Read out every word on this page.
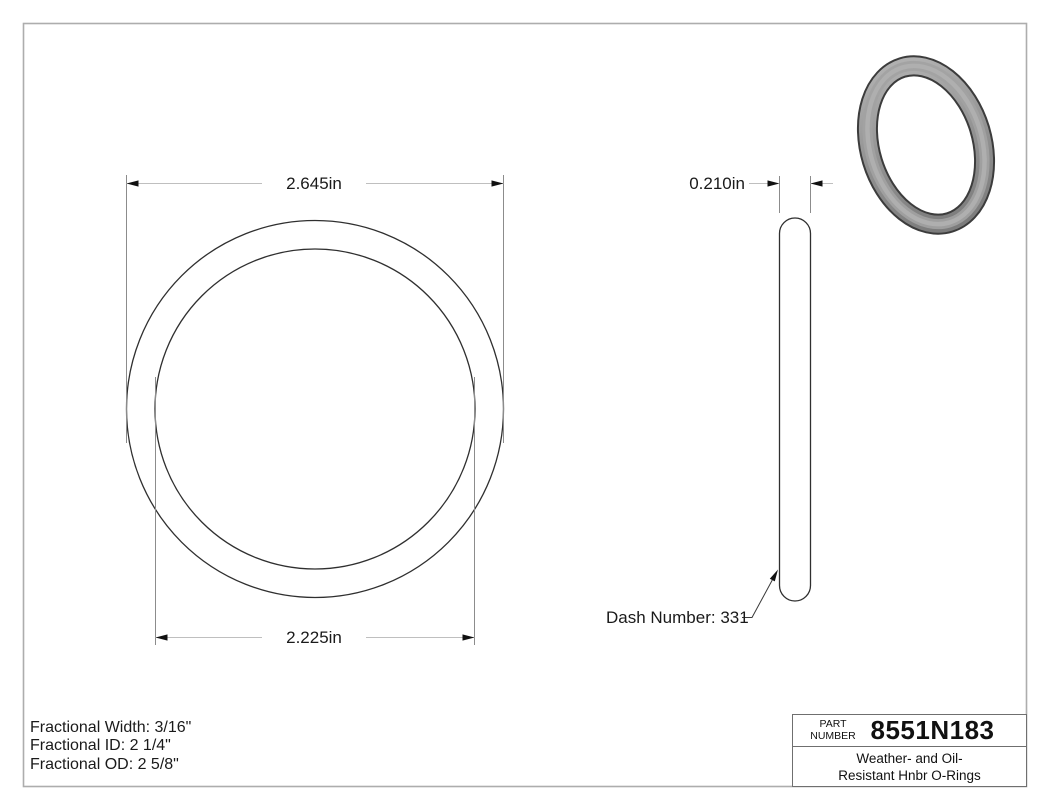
2.645in
2.225in
0.210in
Dash Number: 331
Fractional Width: 3/16"
Fractional ID: 2 1/4"
Fractional OD: 2 5/8"
PART
NUMBER 8551N183
Weather- and Oil-
Resistant Hnbr O-Rings
